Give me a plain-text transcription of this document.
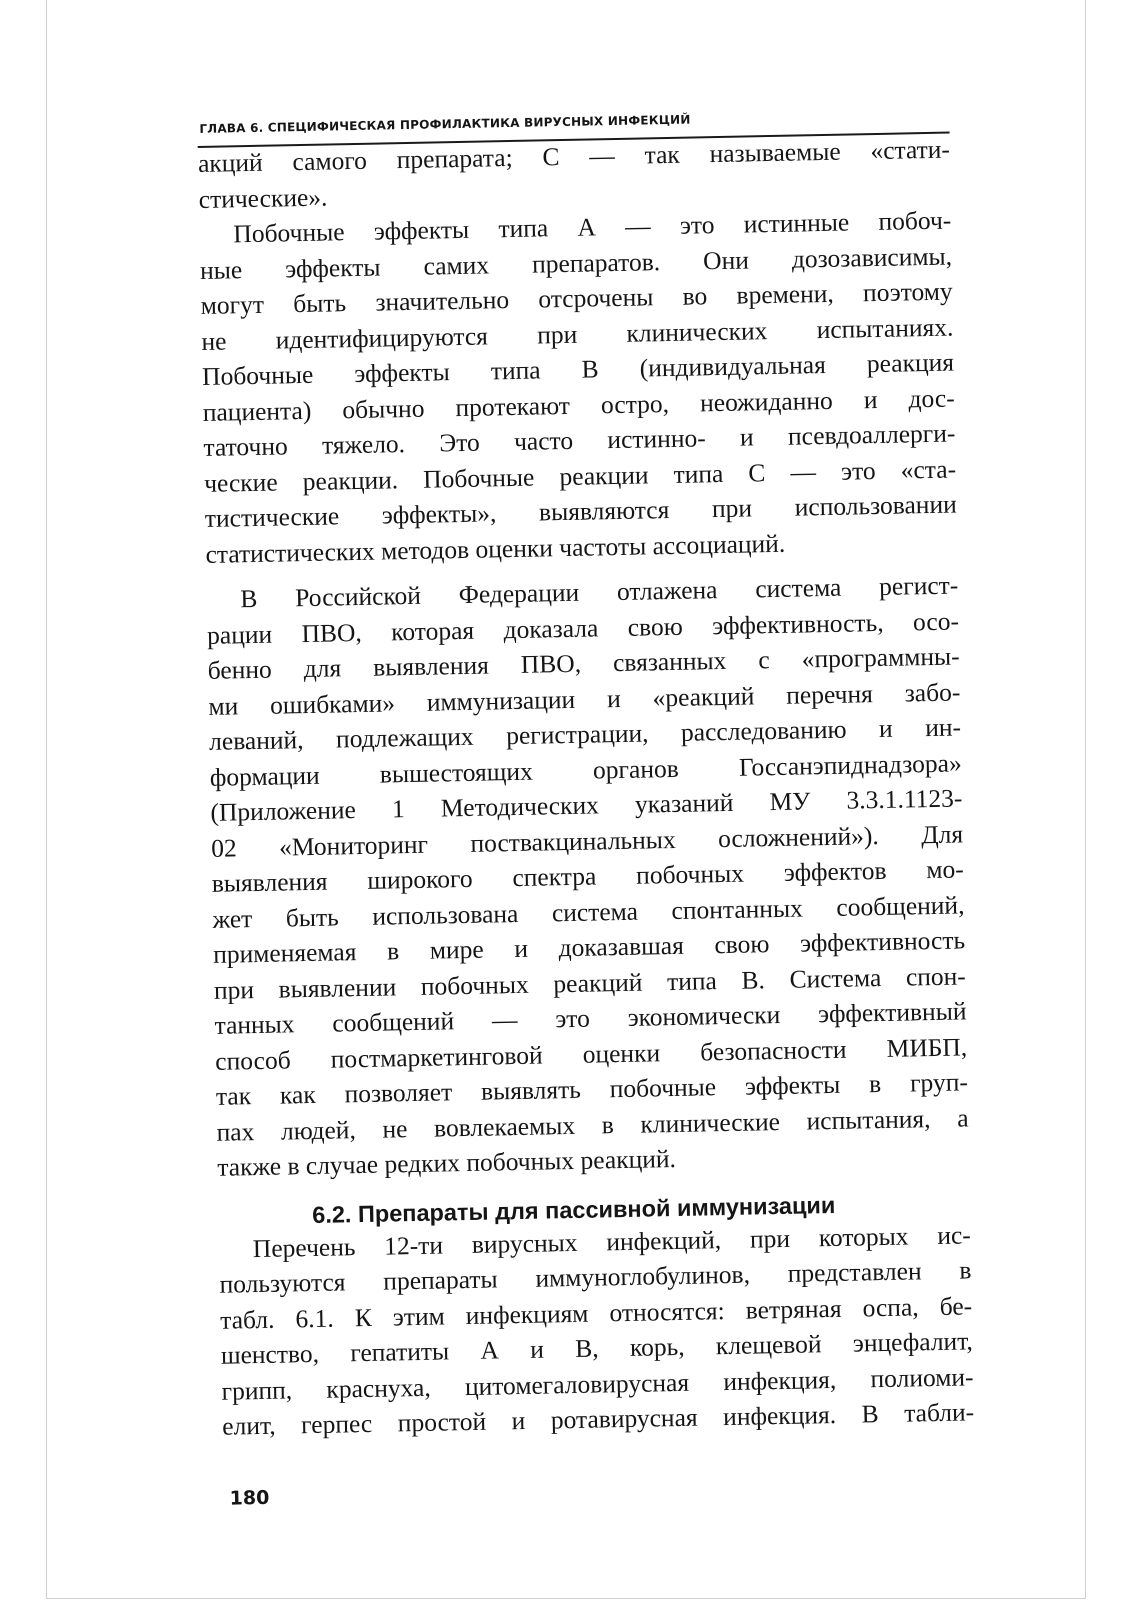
ГЛАВА 6. СПЕЦИФИЧЕСКАЯ ПРОФИЛАКТИКА ВИРУСНЫХ ИНФЕКЦИЙ
акций самого препарата; С — так называемые «стати-
стические».
Побочные эффекты типа А — это истинные побоч-
ные эффекты самих препаратов. Они дозозависимы,
могут быть значительно отсрочены во времени, поэтому
не идентифицируются при клинических испытаниях.
Побочные эффекты типа В (индивидуальная реакция
пациента) обычно протекают остро, неожиданно и дос-
таточно тяжело. Это часто истинно- и псевдоаллерги-
ческие реакции. Побочные реакции типа С — это «ста-
тистические эффекты», выявляются при использовании
статистических методов оценки частоты ассоциаций.
В Российской Федерации отлажена система регист-
рации ПВО, которая доказала свою эффективность, осо-
бенно для выявления ПВО, связанных с «программны-
ми ошибками» иммунизации и «реакций перечня забо-
леваний, подлежащих регистрации, расследованию и ин-
формации вышестоящих органов Госсанэпиднадзора»
(Приложение 1 Методических указаний МУ 3.3.1.1123-
02 «Мониторинг поствакцинальных осложнений»). Для
выявления широкого спектра побочных эффектов мо-
жет быть использована система спонтанных сообщений,
применяемая в мире и доказавшая свою эффективность
при выявлении побочных реакций типа В. Система спон-
танных сообщений — это экономически эффективный
способ постмаркетинговой оценки безопасности МИБП,
так как позволяет выявлять побочные эффекты в груп-
пах людей, не вовлекаемых в клинические испытания, а
также в случае редких побочных реакций.
6.2. Препараты для пассивной иммунизации
Перечень 12-ти вирусных инфекций, при которых ис-
пользуются препараты иммуноглобулинов, представлен в
табл. 6.1. К этим инфекциям относятся: ветряная оспа, бе-
шенство, гепатиты А и В, корь, клещевой энцефалит,
грипп, краснуха, цитомегаловирусная инфекция, полиоми-
елит, герпес простой и ротавирусная инфекция. В табли-
180
